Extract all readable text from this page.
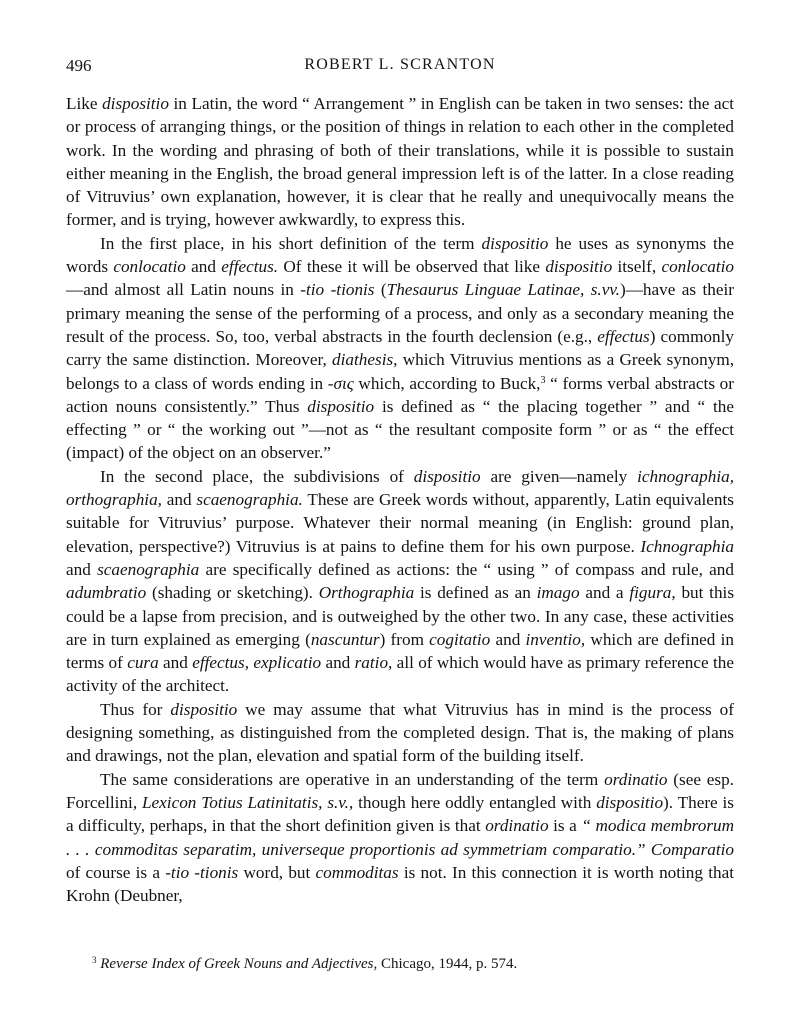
496	ROBERT L. SCRANTON

Like dispositio in Latin, the word “ Arrangement ” in English can be taken in two senses: the act or process of arranging things, or the position of things in relation to each other in the completed work. In the wording and phrasing of both of their translations, while it is possible to sustain either meaning in the English, the broad general impression left is of the latter. In a close reading of Vitruvius’ own explanation, however, it is clear that he really and unequivocally means the former, and is trying, however awkwardly, to express this.

In the first place, in his short definition of the term dispositio he uses as synonyms the words conlocatio and effectus. Of these it will be observed that like dispositio itself, conlocatio—and almost all Latin nouns in -tio -tionis (Thesaurus Linguae Latinae, s.vv.)—have as their primary meaning the sense of the performing of a process, and only as a secondary meaning the result of the process. So, too, verbal abstracts in the fourth declension (e.g., effectus) commonly carry the same distinction. Moreover, diathesis, which Vitruvius mentions as a Greek synonym, belongs to a class of words ending in -σις which, according to Buck,$^3$ “ forms verbal abstracts or action nouns consistently.” Thus dispositio is defined as “ the placing together ” and “ the effecting ” or “ the working out ”—not as “ the resultant composite form ” or as “ the effect (impact) of the object on an observer.”

In the second place, the subdivisions of dispositio are given—namely ichnographia, orthographia, and scaenographia. These are Greek words without, apparently, Latin equivalents suitable for Vitruvius’ purpose. Whatever their normal meaning (in English: ground plan, elevation, perspective?) Vitruvius is at pains to define them for his own purpose. Ichnographia and scaenographia are specifically defined as actions: the “ using ” of compass and rule, and adumbratio (shading or sketching). Orthographia is defined as an imago and a figura, but this could be a lapse from precision, and is outweighed by the other two. In any case, these activities are in turn explained as emerging (nascuntur) from cogitatio and inventio, which are defined in terms of cura and effectus, explicatio and ratio, all of which would have as primary reference the activity of the architect.

Thus for dispositio we may assume that what Vitruvius has in mind is the process of designing something, as distinguished from the completed design. That is, the making of plans and drawings, not the plan, elevation and spatial form of the building itself.

The same considerations are operative in an understanding of the term ordinatio (see esp. Forcellini, Lexicon Totius Latinitatis, s.v., though here oddly entangled with dispositio). There is a difficulty, perhaps, in that the short definition given is that ordinatio is a “ modica membrorum . . . commoditas separatim, universeque proportionis ad symmetriam comparatio.” Comparatio of course is a -tio -tionis word, but commoditas is not. In this connection it is worth noting that Krohn (Deubner,

$^3$ Reverse Index of Greek Nouns and Adjectives, Chicago, 1944, p. 574.
